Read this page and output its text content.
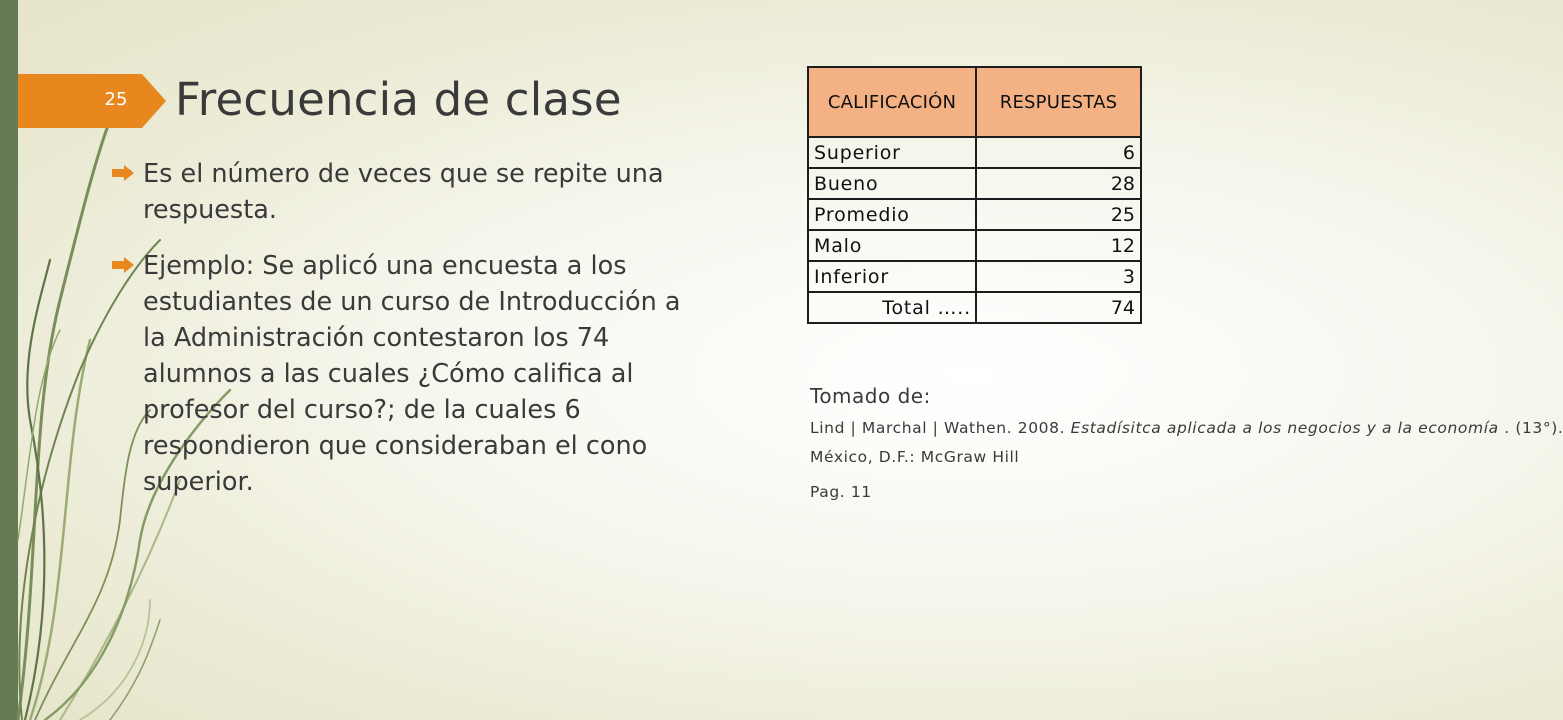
25 Frecuencia de clase
Es el número de veces que se repite una respuesta.
Ejemplo: Se aplicó una encuesta a los estudiantes de un curso de Introducción a la Administración contestaron los 74 alumnos a las cuales ¿Cómo califica al profesor del curso?; de la cuales 6 respondieron que consideraban el cono superior.
CALIFICACIÓN	RESPUESTAS
Superior	6
Bueno	28
Promedio	25
Malo	12
Inferior	3
Total …..	74

Tomado de:

Lind | Marchal | Wathen. 2008. Estadísitca aplicada a los negocios y a la economía . (13°).

México, D.F.: McGraw Hill

Pag. 11
